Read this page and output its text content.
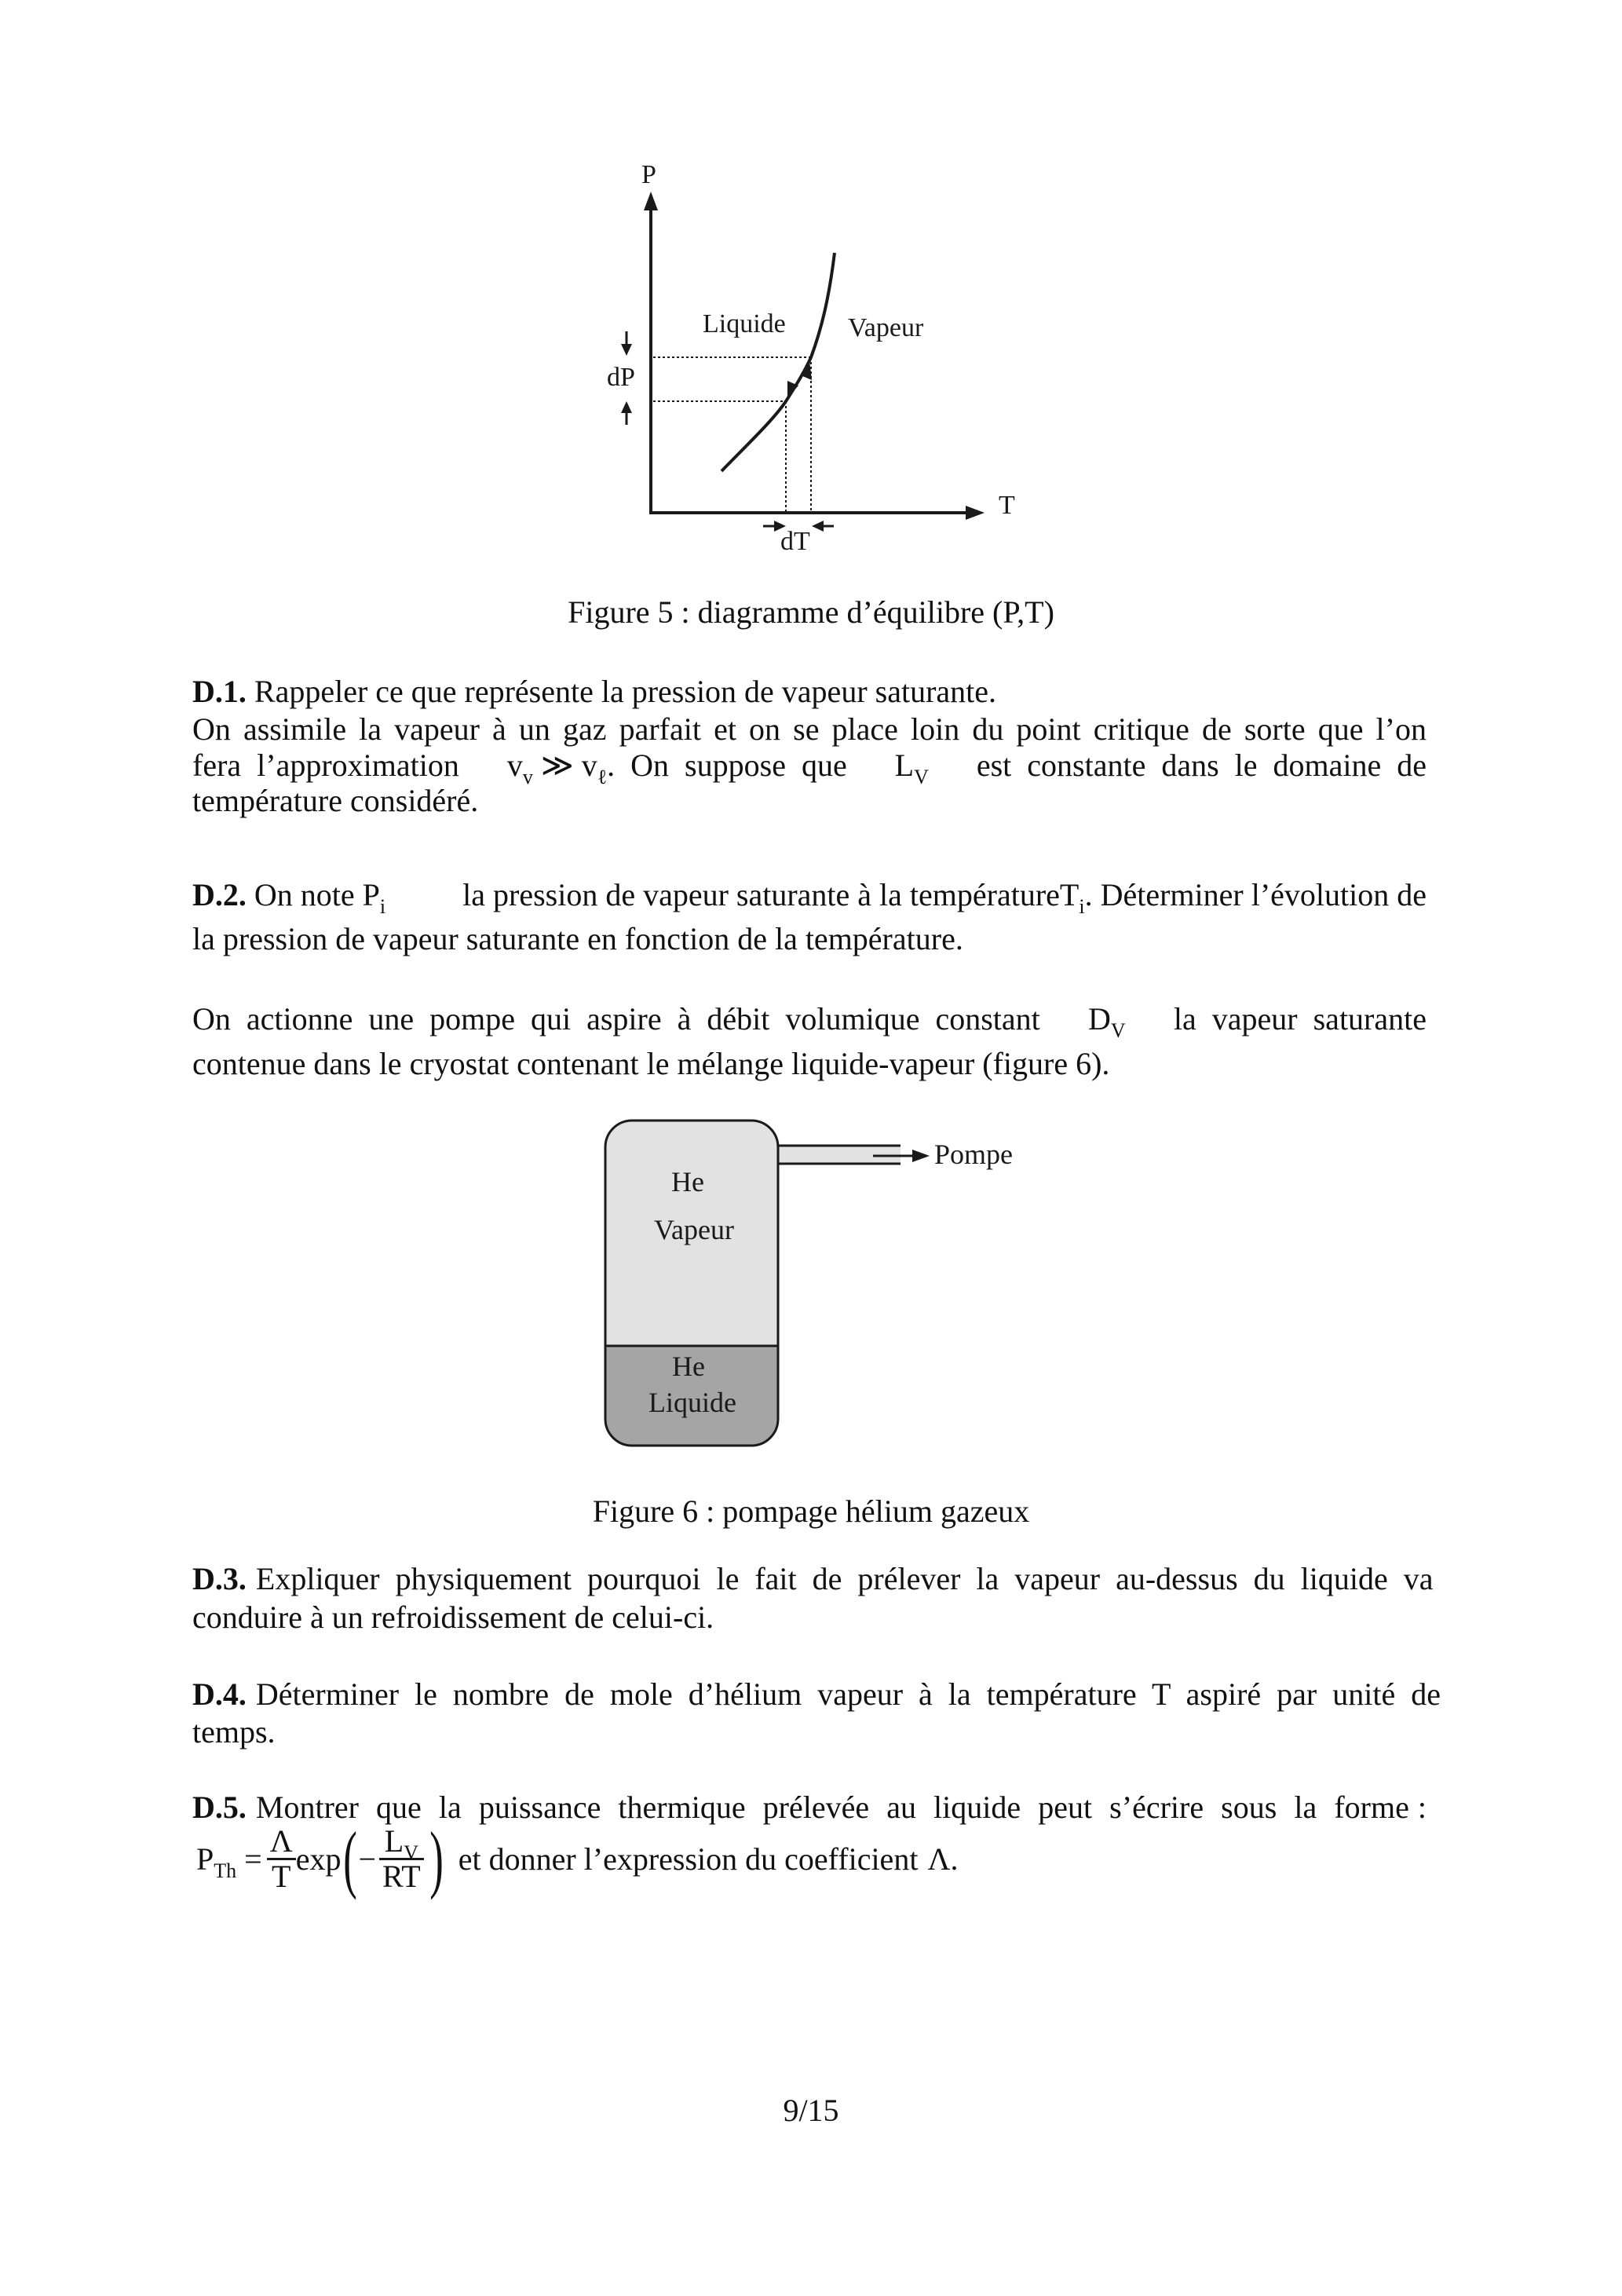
P
T
Liquide Vapeur
dP
dT
Figure 5 : diagramme d’équilibre (P,T)
D.1. Rappeler ce que représente la pression de vapeur saturante.
On assimile la vapeur à un gaz parfait et on se place loin du point critique de sorte que l’on
fera  l’approximation $v_v$ ≫ $v_\ell$.  On  suppose  que $L_V$ est  constante  dans  le  domaine  de
température considéré.
D.2. On note $P_i$ la pression de vapeur saturante à la températureT$_i$. Déterminer l’évolution de
la pression de vapeur saturante en fonction de la température.
On  actionne  une  pompe  qui  aspire  à  débit  volumique  constant $D_V$ la  vapeur  saturante
contenue dans le cryostat contenant le mélange liquide-vapeur (figure 6).
Pompe
He
Vapeur
He
Liquide
Figure 6 : pompage hélium gazeux
D.3. Expliquer  physiquement  pourquoi  le  fait  de  prélever  la  vapeur  au-dessus  du  liquide  va
conduire à un refroidissement de celui-ci.
D.4. Déterminer  le  nombre  de  mole  d’hélium  vapeur  à  la  température  T  aspiré  par  unité  de
temps.
D.5. Montrer  que  la  puissance  thermique  prélevée  au  liquide  peut  s’écrire  sous  la  forme :
$P_{Th} = \frac{\Lambda}{T}$ exp ( − $\frac{L_V}{RT}$ ) et donner l’expression du coefficient Λ .
9/15
